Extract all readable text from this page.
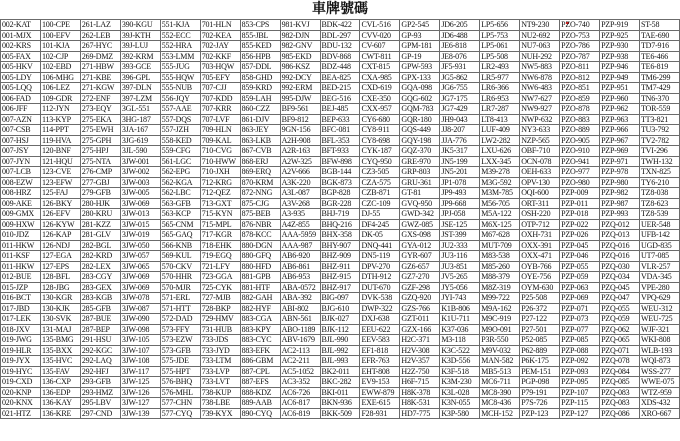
車牌號碼
002-KAT	100-CPE	261-LAZ	390-KGU	551-KJA	701-HLN	853-CPS	981-KVJ	BDK-422	CVL-516	GP2-545	JD6-205	LP5-656	NT9-230	PZO-740	PZP-919	ST-58
001-MJX	100-EFV	262-LEB	39J-KTH	552-ECC	702-KEA	855-JBL	982-DJN	BDL-297	CVV-020	GP-93	JD6-488	LP5-753	NU2-692	PZO-753	PZP-925	TAE-690
002-KRS	101-KJA	267-HYC	39J-LUJ	552-HRA	702-JAY	855-KED	982-GNV	BDU-132	CV-607	GPM-181	JE6-818	LP5-061	NU7-063	PZO-786	PZP-930	TD7-916
005-FAX	102-CJP	269-DMZ	392-KRM	553-LMM	702-KKF	856-HPB	985-EKD	BDV-868	CWT-811	GP-19	JE8-076	LP5-508	NUH-292	PZO-787	PZP-938	TE6-466
005-HKV	102-EBD	271-HBW	393-GCE	555-JUG	703-HQW	857-DDL	986-KSZ	BDZ-448	CXT-815	GPW-593	JF5-931	LR2-493	NW5-883	PZO-811	PZP-946	TE6-819
005-LDY	106-MHG	271-KBE	396-GPL	555-HQW	705-EFY	858-GHD	992-DCY	BEA-825	CXA-985	GPX-133	JG5-862	LR5-977	NW6-878	PZO-812	PZP-949	TM6-299
005-LQQ	106-LEZ	271-KGW	397-DLN	555-NUB	707-CJJ	859-KRD	992-ERM	BED-215	CXD-619	GQA-098	JG6-755	LR6-366	NW6-483	PZO-851	PZP-951	TM7-429
006-FAD	109-GDR	272-ENF	397-LZM	556-JQY	707-KDD	859-LAH	995-DJW	BEG-516	CXE-350	GQG-602	JG7-175	LR6-953	NW7-627	PZO-859	PZP-960	TN6-370
006-JFF	112-JYN	273-EQY	3GL-551	557-AAE	707-KRR	860-CZZ	BF9-561	BEJ-485	CXX-957	GQM-783	JG7-429	LR7-287	NW9-927	PZO-878	PZP-962	TOR-559
007-AZN	113-KYP	275-EKA	3HG-187	557-DQS	707-LVF	861-DJV	BF9-812	BEP-633	CY6-680	GQR-180	JH9-043	LT8-413	NWP-632	PZO-883	PZP-963	TT3-821
007-CSB	114-PPT	275-EWH	3JA-167	557-JZH	709-HLN	863-JEY	9GN-156	BFC-081	CY8-911	GQS-449	JJ8-207	LUF-409	NY3-633	PZO-889	PZP-966	TU3-792
007-HSJ	119-HVA	275-GPH	3JG-619	558-KED	709-KAL	863-LKB	A2H-908	BFL-353	CY8-698	GQY-198	JJA-776	LW2-282	NZP-565	PZO-905	PZP-967	TV2-782
007-JSY	120-BNF	275-HPJ	3JL-590	559-CFG	710-CVG	867-CVB	A2R-163	BFT-933	CYK-187	GQZ-370	JK5-317	LXU-626	OBF-710	PZO-910	PZP-969	TVI-296
007-JYN	121-HQU	275-NTA	3JW-001	561-LGC	710-HWW	868-ERJ	A2W-325	BFW-898	CYQ-950	GRE-970	JN5-199	LXX-345	OCN-078	PZO-941	PZP-971	TWH-132
007-LCB	123-CVE	276-CMP	3JW-002	562-EPG	710-JXH	869-ERQ	A2V-666	BGB-144	CZ3-505	GRP-803	JN5-201	M39-278	OEH-633	PZO-977	PZP-978	TXN-825
008-EZW	123-EFW	277-GBJ	3JW-003	562-KGA	712-KRG	870-KRM	A3K-220	BGK-873	CZA-575	GRU-361	JP1-078	M3G-592	OPV-130	PZO-980	PZP-980	TY6-210
008-HRZ	125-FAJ	279-GFB	3JW-005	562-LBC	712-QEZ	872-NNG	A3L-087	BGP-828	CZB-871	GT-81	JP9-493	M3M-785	OQI-600	PZP-009	PZP-982	TZ8-038
009-AKE	126-BKY	280-HJK	3JW-069	563-GFB	713-GXT	875-CJG	A3V-268	BGR-228	CZC-109	GVQ-950	JP9-668	M56-705	ORT-311	PZP-011	PZP-987	TZ8-623
009-GMX	126-EFV	280-KRU	3JW-013	563-KCP	715-KYN	875-BEB	A3-935	BHJ-719	DJ-55	GWD-342	JPJ-058	M5A-122	OSH-220	PZP-018	PZP-993	TZ8-539
009-HXW	126-KYW	281-KZZ	3JW-015	565-CNM	715-MPL	876-NBR	A4Z-855	BHQ-216	DF4-245	GWZ-085	JSE-125	M6X-125	OTP-712	PZP-022	PZQ-012	UER-548
010-JDZ	126-KAP	281-GLV	3JW-019	565-GAQ	717-KGR	878-KCC	AAA-5959	BHX-358	DK-05	GXS-098	JST-399	M67-628	OXH-731	PZP-026	PZQ-013	UFB-142
011-HKW	126-NDJ	282-BGL	3JW-050	566-KNB	718-EHK	880-DGN	AAA-987	BHY-907	DNQ-441	GYA-012	JU2-333	MUT-709	OXX-391	PZP-045	PZQ-016	UGD-835
011-KSF	127-EGA	282-KRD	3JW-057	569-KUL	719-EGQ	880-GFQ	AB6-920	BHZ-909	DN5-119	GYR-607	JU3-116	M83-538	OXX-471	PZP-046	PZQ-016	UT7-085
011-HKW	127-EPS	282-LEX	3JW-065	570-CKV	721-LFY	880-HFD	AB6-861	BHZ-911	DPV-270	GZ6-657	JU3-851	M85-260	OYB-766	PZP-055	PZQ-030	VLR-257
012-BUE	128-BFL	283-CGY	3JW-069	570-HHR	723-GGA	881-GPB	AB6-953	BHZ-915	DTH-912	GZ7-270	JV5-265	M88-379	OYE-756	PZP-059	PZQ-034	VDA-345
015-JZP	128-JBG	283-GEX	3JW-069	570-MJR	725-CYK	881-HTF	ABA-0572	BHZ-917	DUT-670	GZF-298	JY5-056	M8Z-319	OYM-630	PZP-063	PZQ-045	VPE-280
016-BCT	130-KGR	283-KGB	3JW-078	571-ERL	727-MJB	882-GAH	ABA-392	BIG-097	DVK-538	GZQ-920	JYI-743	M99-722	P25-508	PZP-069	PZQ-047	VPQ-629
017-JBD	130-KJK	285-GFB	3JW-087	571-HTT	728-BKP	882-HYF	ABI-802	BJG-610	DWP-322	GZS-766	K1B-806	M9A-162	P26-372	PZP-071	PZQ-055	WEU-312
017-LEK	130-SVK	287-BUE	3JW-090	572-DAD	729-HMV	883-CGA	ABN-561	BJK-027	DXJ-638	GZT-011	K1U-711	M9C-919	P27-122	PZP-073	PZQ-059	WEU-725
018-JXV	131-MAJ	287-BEP	3JW-098	573-FFY	731-HUB	883-KPY	ABO-1189	BJK-112	EEU-622	GZX-166	K37-036	M9O-091	P27-501	PZP-077	PZQ-062	WJF-321
019-JWG	135-BMG	291-HSU	3JW-105	573-EZW	733-JDS	883-CYC	ABV-1679	BJL-990	EEV-583	H2C-371	M3-118	P3R-550	P52-085	PZP-085	PZQ-065	WKI-808
019-HLR	135-BXX	292-KGC	3JW-107	573-GFB	733-JYD	883-EFK	AC2-113	BJL-992	EF1-818	H2V-308	K3C-522	M9V-032	P62-889	PZP-088	PZQ-071	WLB-193
019-JYX	135-HVC	292-LAQ	3JW-108	575-JDE	733-LTM	886-GBM	AC2-211	BJL-993	EFR-763	H2V-357	K3D-556	MAN-582	P6K-175	PZP-092	PZQ-078	WQI-873
019-HYC	135-FAV	292-HFJ	3JW-117	575-HPT	733-LVP	887-CPL	AC5-1052	BK2-011	EHT-808	H2Z-750	K3F-518	MB5-513	PEM-151	PZP-093	PZQ-084	WSS-277
019-CXD	136-CXP	293-GFB	3JW-125	576-BHQ	733-LVT	887-EFS	AC3-352	BKC-282	EV9-153	H6F-715	K3M-230	MC6-711	PGP-098	PZP-095	PZQ-085	WWE-075
020-KNP	136-EDP	293-HMZ	3JW-126	576-MHL	738-KUP	888-KDZ	AC6-726	BKI-011	EWW-879	H8K-378	K3L-028	MC8-390	P79-191	PZP-107	PZQ-083	WTZ-959
020-KNX	136-KAY	295-LBV	3JW-127	577-CHN	738-LBE	889-AAB	AC6-817	BKN-936	EXE-615	H8K-531	K3N-055	MC8-436	P7S-726	PZP-115	PZQ-083	XDS-432
021-HTZ	136-KRE	297-CND	3JW-139	577-CYQ	739-KYX	890-CYQ	AC6-819	BKK-509	F28-931	HD7-775	K3P-580	MCH-152	PZP-123	PZP-127	PZQ-086	XRO-667
